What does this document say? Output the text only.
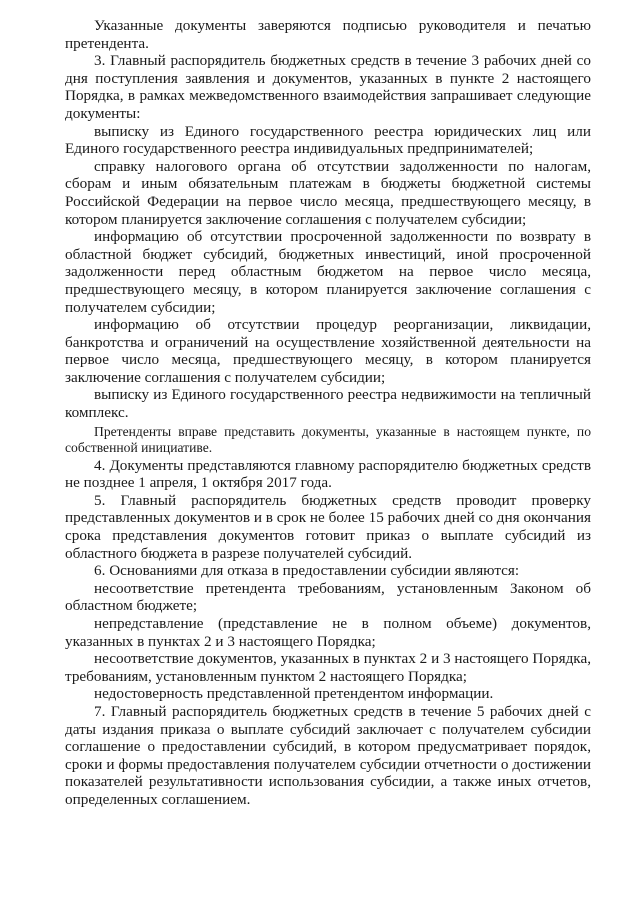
Указанные документы заверяются подписью руководителя и печатью претендента.

3. Главный распорядитель бюджетных средств в течение 3 рабочих дней со дня поступления заявления и документов, указанных в пункте 2 настоящего Порядка, в рамках межведомственного взаимодействия запрашивает следующие документы:

выписку из Единого государственного реестра юридических лиц или Единого государственного реестра индивидуальных предпринимателей;

справку налогового органа об отсутствии задолженности по налогам, сборам и иным обязательным платежам в бюджеты бюджетной системы Российской Федерации на первое число месяца, предшествующего месяцу, в котором планируется заключение соглашения с получателем субсидии;

информацию об отсутствии просроченной задолженности по возврату в областной бюджет субсидий, бюджетных инвестиций, иной просроченной задолженности перед областным бюджетом на первое число месяца, предшествующего месяцу, в котором планируется заключение соглашения с получателем субсидии;

информацию об отсутствии процедур реорганизации, ликвидации, банкротства и ограничений на осуществление хозяйственной деятельности на первое число месяца, предшествующего месяцу, в котором планируется заключение соглашения с получателем субсидии;

выписку из Единого государственного реестра недвижимости на тепличный комплекс.

Претенденты вправе представить документы, указанные в настоящем пункте, по собственной инициативе.

4. Документы представляются главному распорядителю бюджетных средств не позднее 1 апреля, 1 октября 2017 года.

5. Главный распорядитель бюджетных средств проводит проверку представленных документов и в срок не более 15 рабочих дней со дня окончания срока представления документов готовит приказ о выплате субсидий из областного бюджета в разрезе получателей субсидий.

6. Основаниями для отказа в предоставлении субсидии являются:

несоответствие претендента требованиям, установленным Законом об областном бюджете;

непредставление (представление не в полном объеме) документов, указанных в пунктах 2 и 3 настоящего Порядка;

несоответствие документов, указанных в пунктах 2 и 3 настоящего Порядка, требованиям, установленным пунктом 2 настоящего Порядка;

недостоверность представленной претендентом информации.

7. Главный распорядитель бюджетных средств в течение 5 рабочих дней с даты издания приказа о выплате субсидий заключает с получателем субсидии соглашение о предоставлении субсидий, в котором предусматривает порядок, сроки и формы предоставления получателем субсидии отчетности о достижении показателей результативности использования субсидии, а также иных отчетов, определенных соглашением.
